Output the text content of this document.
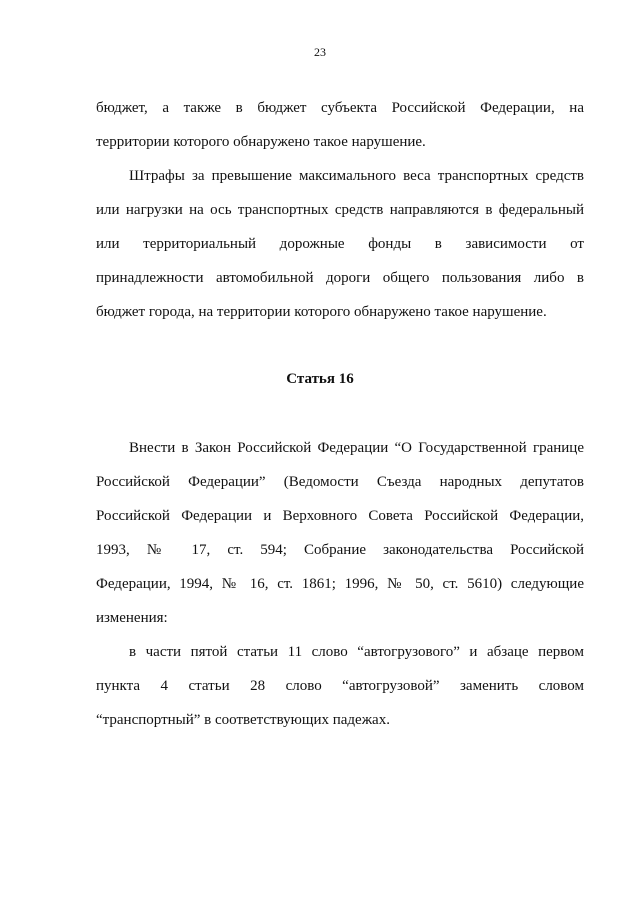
23
бюджет, а также в бюджет субъекта Российской Федерации, на
территории которого обнаружено такое нарушение.
Штрафы за превышение максимального веса транспортных средств
или нагрузки на ось транспортных средств направляются в федеральный
или территориальный дорожные фонды в зависимости от
принадлежности автомобильной дороги общего пользования либо в
бюджет города, на территории которого обнаружено такое нарушение.
Статья 16
Внести в Закон Российской Федерации “О Государственной границе
Российской Федерации” (Ведомости Съезда народных депутатов
Российской Федерации и Верховного Совета Российской Федерации,
1993, № 17, ст. 594; Собрание законодательства Российской
Федерации, 1994, № 16, ст. 1861; 1996, № 50, ст. 5610) следующие
изменения:
в части пятой статьи 11 слово “автогрузового” и абзаце первом
пункта 4 статьи 28 слово “автогрузовой” заменить словом
“транспортный” в соответствующих падежах.
